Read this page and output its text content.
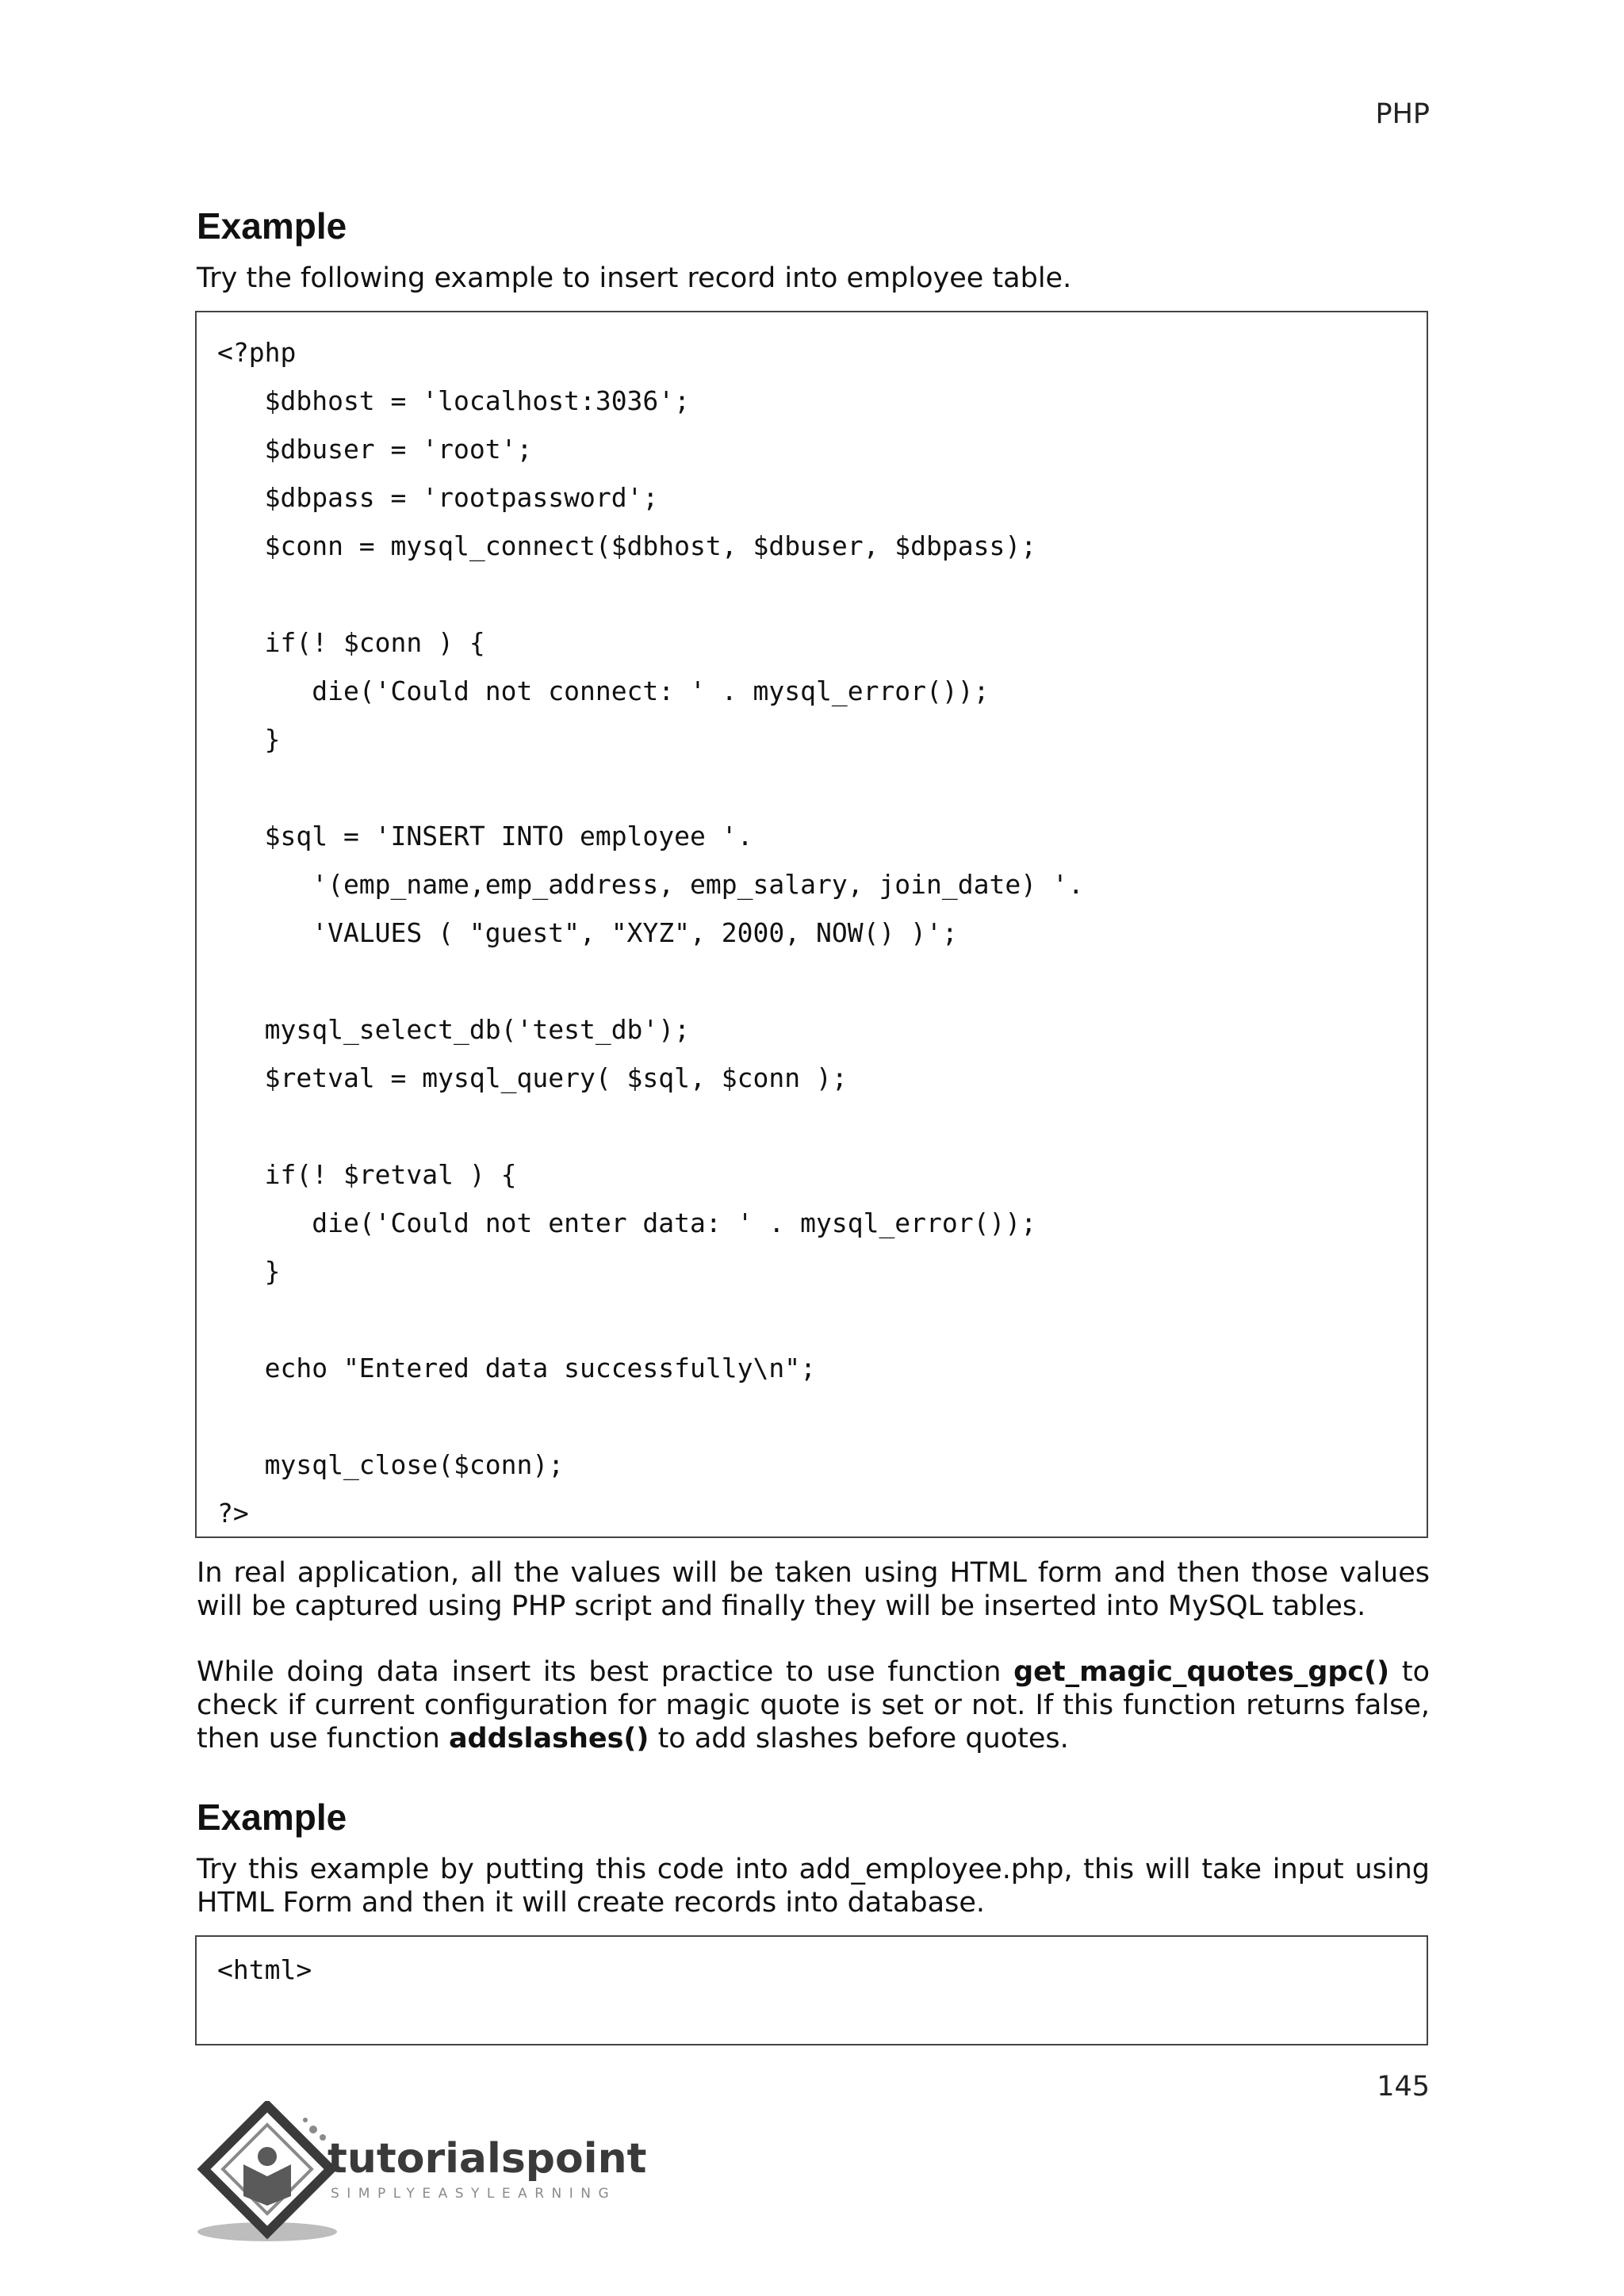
PHP
Example

Try the following example to insert record into employee table.

<?php
$dbhost = 'localhost:3036';
$dbuser = 'root';
$dbpass = 'rootpassword';
$conn = mysql_connect($dbhost, $dbuser, $dbpass);

if(! $conn ) {
die('Could not connect: ' . mysql_error());
}

$sql = 'INSERT INTO employee '.
'(emp_name,emp_address, emp_salary, join_date) '.
'VALUES ( "guest", "XYZ", 2000, NOW() )';

mysql_select_db('test_db');
$retval = mysql_query( $sql, $conn );

if(! $retval ) {
die('Could not enter data: ' . mysql_error());
}

echo "Entered data successfully\n";

mysql_close($conn);
?>

In real application, all the values will be taken using HTML form and then those values will be captured using PHP script and finally they will be inserted into MySQL tables.

While doing data insert its best practice to use function get_magic_quotes_gpc() to check if current configuration for magic quote is set or not. If this function returns false, then use function addslashes() to add slashes before quotes.

Example

Try this example by putting this code into add_employee.php, this will take input using HTML Form and then it will create records into database.

<html>
145
tutorialspoint
SIMPLYEASYLEARNING
